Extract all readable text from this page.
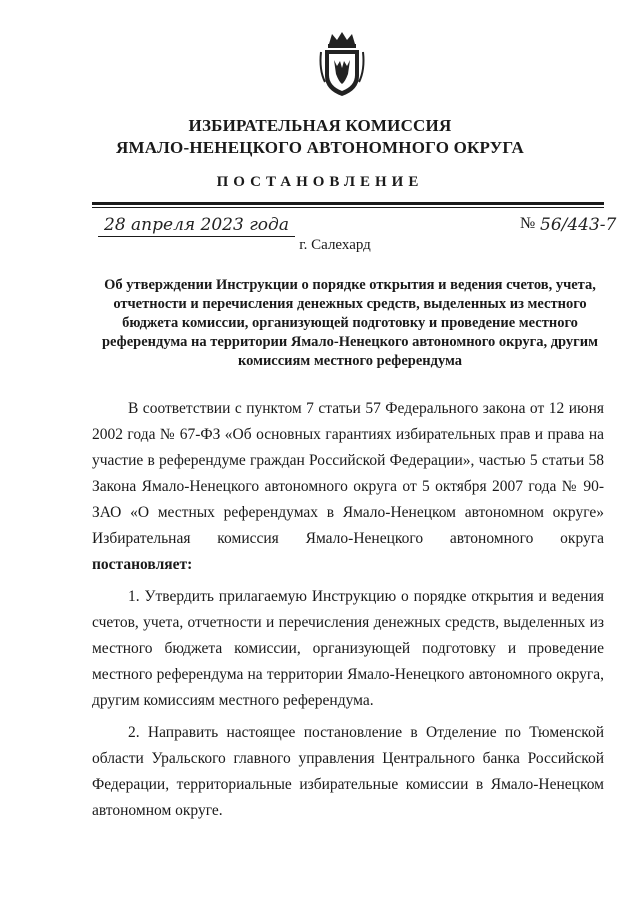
ИЗБИРАТЕЛЬНАЯ КОМИССИЯ
ЯМАЛО-НЕНЕЦКОГО АВТОНОМНОГО ОКРУГА
ПОСТАНОВЛЕНИЕ
28 апреля 2023 года	№ 56/443-7
г. Салехард
Об утверждении Инструкции о порядке открытия и ведения счетов, учета, отчетности и перечисления денежных средств, выделенных из местного бюджета комиссии, организующей подготовку и проведение местного референдума на территории Ямало-Ненецкого автономного округа, другим комиссиям местного референдума

В соответствии с пунктом 7 статьи 57 Федерального закона от 12 июня 2002 года № 67-ФЗ «Об основных гарантиях избирательных прав и права на участие в референдуме граждан Российской Федерации», частью 5 статьи 58 Закона Ямало-Ненецкого автономного округа от 5 октября 2007 года № 90-ЗАО «О местных референдумах в Ямало-Ненецком автономном округе» Избирательная комиссия Ямало-Ненецкого автономного округа постановляет:

1. Утвердить прилагаемую Инструкцию о порядке открытия и ведения счетов, учета, отчетности и перечисления денежных средств, выделенных из местного бюджета комиссии, организующей подготовку и проведение местного референдума на территории Ямало-Ненецкого автономного округа, другим комиссиям местного референдума.

2. Направить настоящее постановление в Отделение по Тюменской области Уральского главного управления Центрального банка Российской Федерации, территориальные избирательные комиссии в Ямало-Ненецком автономном округе.
